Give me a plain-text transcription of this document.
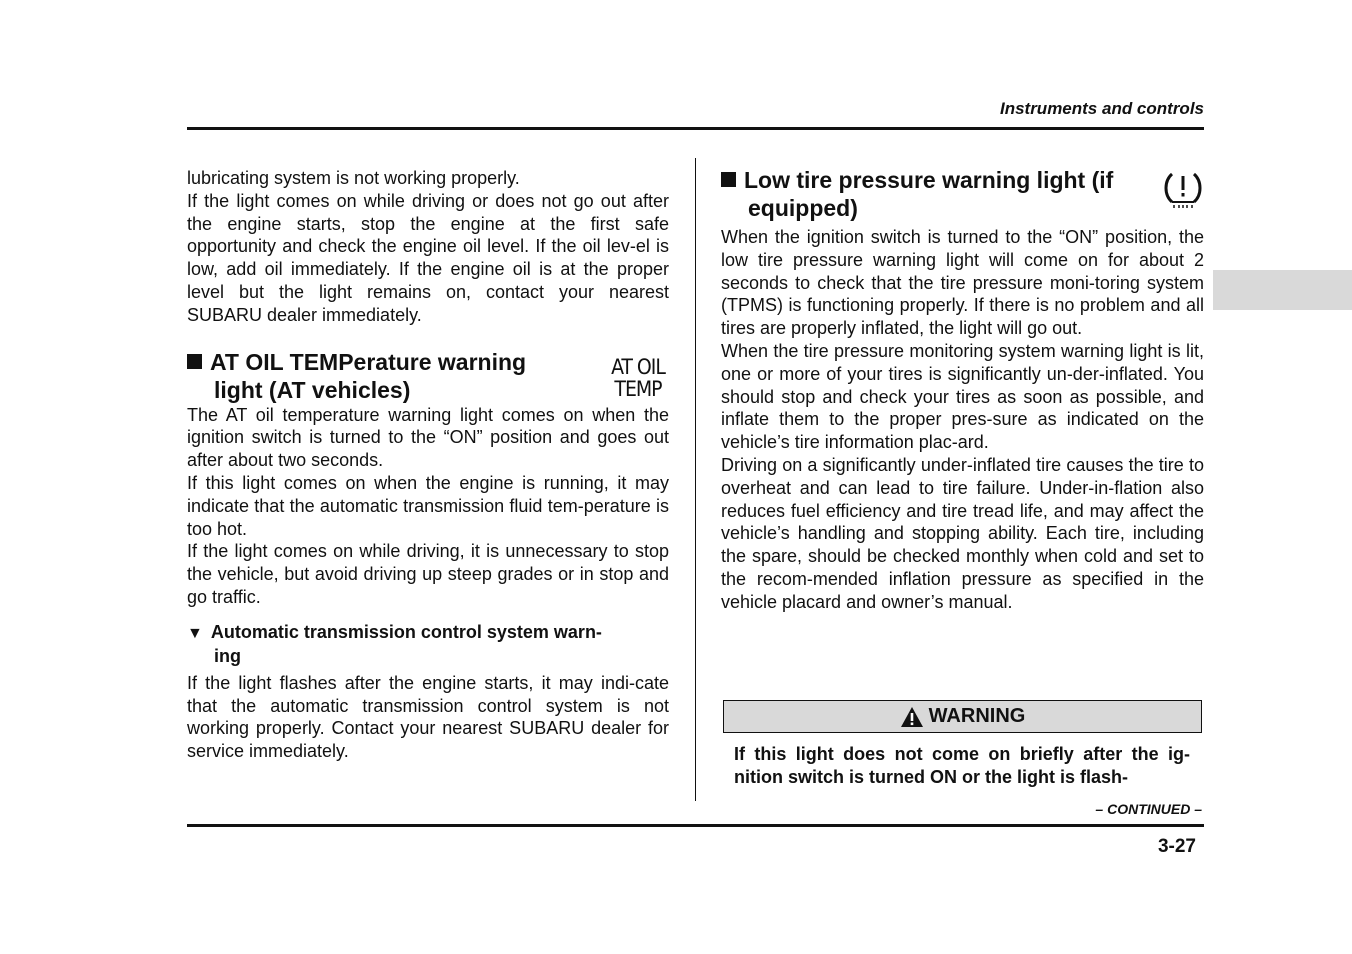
Instruments and controls

lubricating system is not working properly.

If the light comes on while driving or does not go out after the engine starts, stop the engine at the first safe opportunity and check the engine oil level. If the oil lev-el is low, add oil immediately. If the engine oil is at the proper level but the light remains on, contact your nearest SUBARU dealer immediately.

AT OIL TEMPerature warning
light (AT vehicles)

The AT oil temperature warning light comes on when the ignition switch is turned to the “ON” position and goes out after about two seconds.

If this light comes on when the engine is running, it may indicate that the automatic transmission fluid tem-perature is too hot.

If the light comes on while driving, it is unnecessary to stop the vehicle, but avoid driving up steep grades or in stop and go traffic.

▼ Automatic transmission control system warn-
ing

If the light flashes after the engine starts, it may indi-cate that the automatic transmission control system is not working properly. Contact your nearest SUBARU dealer for service immediately.

AT OIL
TEMP
Low tire pressure warning light (if
equipped)

When the ignition switch is turned to the “ON” position, the low tire pressure warning light will come on for about 2 seconds to check that the tire pressure moni-toring system (TPMS) is functioning properly. If there is no problem and all tires are properly inflated, the light will go out.

When the tire pressure monitoring system warning light is lit, one or more of your tires is significantly un-der-inflated. You should stop and check your tires as soon as possible, and inflate them to the proper pres-sure as indicated on the vehicle’s tire information plac-ard.

Driving on a significantly under-inflated tire causes the tire to overheat and can lead to tire failure. Under-in-flation also reduces fuel efficiency and tire tread life, and may affect the vehicle’s handling and stopping ability. Each tire, including the spare, should be checked monthly when cold and set to the recom-mended inflation pressure as specified in the vehicle placard and owner’s manual.

WARNING
If this light does not come on briefly after the ig-nition switch is turned ON or the light is flash-
– CONTINUED –
3-27
